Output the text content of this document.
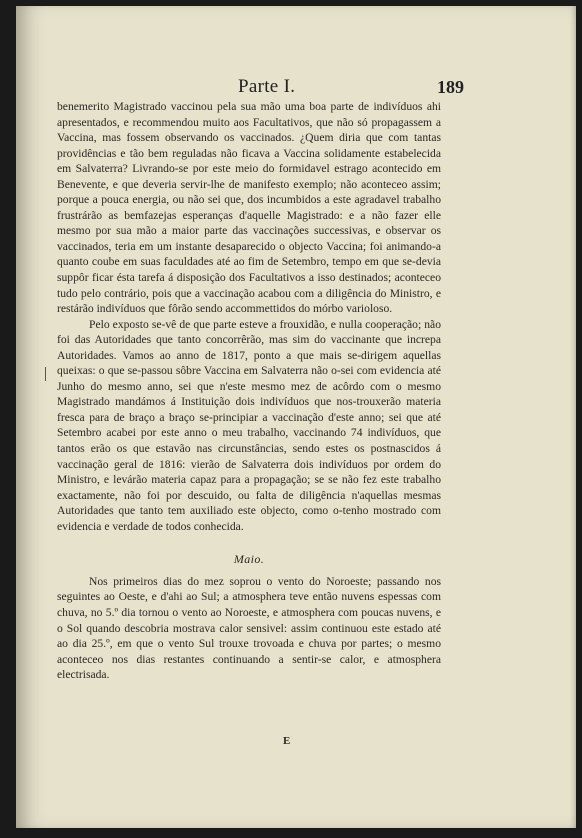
Parte I.	189

benemerito Magistrado vaccinou pela sua mão uma boa parte de indivíduos ahi apresentados, e recommendou muito aos Facultativos, que não só propagassem a Vaccina, mas fossem observando os vaccinados. ¿Quem diria que com tantas providências e tão bem reguladas não ficava a Vaccina solidamente estabelecida em Salvaterra? Livrando-se por este meio do formidavel estrago acontecido em Benevente, e que deveria servir-lhe de manifesto exemplo; não aconteceo assim; porque a pouca energia, ou não sei que, dos incumbidos a este agradavel trabalho frustrárão as bemfazejas esperanças d'aquelle Magistrado: e a não fazer elle mesmo por sua mão a maior parte das vaccinações successivas, e observar os vaccinados, teria em um instante desaparecido o objecto Vaccina; foi animando-a quanto coube em suas faculdades até ao fim de Setembro, tempo em que se-devia suppôr ficar ésta tarefa á disposição dos Facultativos a isso destinados; aconteceo tudo pelo contrário, pois que a vaccinação acabou com a diligência do Ministro, e restárão indivíduos que fôrão sendo accommettidos do mórbo varioloso.

Pelo exposto se-vê de que parte esteve a frouxidão, e nulla cooperação; não foi das Autoridades que tanto concorrêrão, mas sim do vaccinante que increpa Autoridades. Vamos ao anno de 1817, ponto a que mais se-dirigem aquellas queixas: o que se-passou sôbre Vaccina em Salvaterra não o-sei com evidencia até Junho do mesmo anno, sei que n'este mesmo mez de acôrdo com o mesmo Magistrado mandámos á Instituição dois indivíduos que nos-trouxerão materia fresca para de braço a braço se-principiar a vaccinação d'este anno; sei que até Setembro acabei por este anno o meu trabalho, vaccinando 74 indivíduos, que tantos erão os que estavão nas circunstâncias, sendo estes os postnascidos á vaccinação geral de 1816: vierão de Salvaterra dois indivíduos por ordem do Ministro, e levárão materia capaz para a propagação; se se não fez este trabalho exactamente, não foi por descuido, ou falta de diligência n'aquellas mesmas Autoridades que tanto tem auxiliado este objecto, como o-tenho mostrado com evidencia e verdade de todos conhecida.

Maio.

Nos primeiros dias do mez soprou o vento do Noroeste; passando nos seguintes ao Oeste, e d'ahi ao Sul; a atmosphera teve então nuvens espessas com chuva, no 5.º dia tornou o vento ao Noroeste, e atmosphera com poucas nuvens, e o Sol quando descobria mostrava calor sensivel: assim continuou este estado até ao dia 25.º, em que o vento Sul trouxe trovoada e chuva por partes; o mesmo aconteceo nos dias restantes continuando a sentir-se calor, e atmosphera electrisada.

E
